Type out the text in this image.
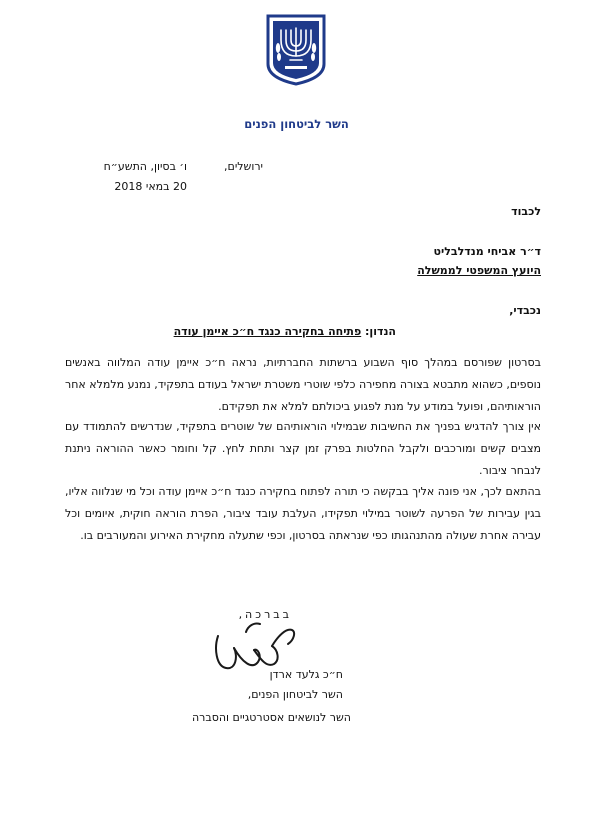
השר לביטחון הפנים
ירושלים,
ו׳ בסיון, התשע״ח
20 במאי 2018
לכבוד
ד״ר אביחי מנדלבליט
היועץ המשפטי לממשלה
נכבדי,
הנדון: פתיחה בחקירה כנגד ח״כ איימן עודה
בסרטון שפורסם במהלך סוף השבוע ברשתות החברתיות, נראה ח״כ איימן עודה המלווה באנשים נוספים, כשהוא מתבטא בצורה מחפירה כלפי שוטרי משטרת ישראל בעודם בתפקיד, נמנע מלמלא אחר הוראותיהם, ופועל במודע על מנת לפגוע ביכולתם למלא את תפקידם.
אין צורך להדגיש בפניך את החשיבות שבמילוי הוראותיהם של שוטרים בתפקיד, שנדרשים להתמודד עם מצבים קשים ומורכבים ולקבל החלטות בפרק זמן קצר ותחת לחץ. קל וחומר כאשר ההוראה ניתנת לנבחר ציבור.
בהתאם לכך, אני פונה אליך בבקשה כי תורה לפתוח בחקירה כנגד ח״כ איימן עודה וכל מי שנלווה אליו, בגין עבירות של הפרעה לשוטר במילוי תפקידו, העלבת עובד ציבור, הפרת הוראה חוקית, איומים וכל עבירה אחרת שעולה מהתנהגותו כפי שנראתה בסרטון, וכפי שתעלה מחקירת האירוע והמעורבים בו.
בברכה,
ח״כ גלעד ארדן
השר לביטחון הפנים,
השר לנושאים אסטרטגיים והסברה
